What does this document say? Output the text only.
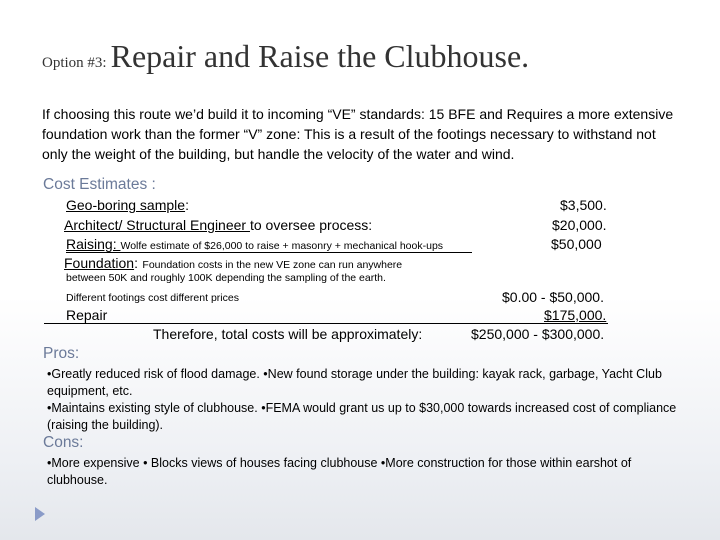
Option #3: Repair and Raise the Clubhouse.
If choosing this route we’d build it to incoming “VE” standards: 15 BFE and Requires a more extensive foundation work than the former “V” zone: This is a result of the footings necessary to withstand not only the weight of the building, but handle the velocity of the water and wind.
Cost Estimates :
Geo-boring sample:	$3,500.
Architect/ Structural Engineer to oversee process:	$20,000.
Raising: Wolfe estimate of $26,000 to raise + masonry + mechanical hook-ups	$50,000
Foundation: Foundation costs in the new VE zone can run anywhere
between 50K and roughly 100K depending the sampling of the earth.
Different footings cost different prices	$0.00 - $50,000.
Repair	$175,000.
Therefore, total costs will be approximately:	$250,000 - $300,000.
Pros:
•Greatly reduced risk of flood damage. •New found storage under the building: kayak rack, garbage, Yacht Club equipment, etc.
•Maintains existing style of clubhouse. •FEMA would grant us up to $30,000 towards increased cost of compliance (raising the building).
Cons:
•More expensive • Blocks views of houses facing clubhouse •More construction for those within earshot of clubhouse.
